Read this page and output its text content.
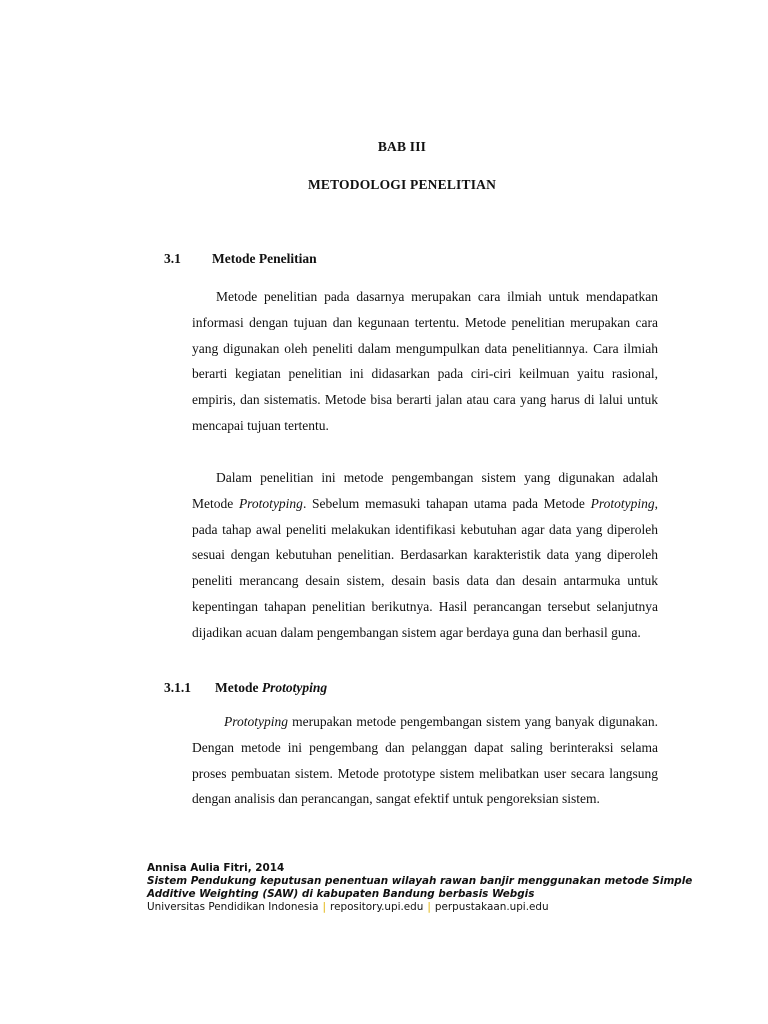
BAB III
METODOLOGI PENELITIAN
3.1 Metode Penelitian

Metode penelitian pada dasarnya merupakan cara ilmiah untuk mendapatkan informasi dengan tujuan dan kegunaan tertentu. Metode penelitian merupakan cara yang digunakan oleh peneliti dalam mengumpulkan data penelitiannya. Cara ilmiah berarti kegiatan penelitian ini didasarkan pada ciri-ciri keilmuan yaitu rasional, empiris, dan sistematis. Metode bisa berarti jalan atau cara yang harus di lalui untuk mencapai tujuan tertentu.

Dalam penelitian ini metode pengembangan sistem yang digunakan adalah Metode Prototyping. Sebelum memasuki tahapan utama pada Metode Prototyping, pada tahap awal peneliti melakukan identifikasi kebutuhan agar data yang diperoleh sesuai dengan kebutuhan penelitian. Berdasarkan karakteristik data yang diperoleh peneliti merancang desain sistem, desain basis data dan desain antarmuka untuk kepentingan tahapan penelitian berikutnya. Hasil perancangan tersebut selanjutnya dijadikan acuan dalam pengembangan sistem agar berdaya guna dan berhasil guna.

3.1.1 Metode Prototyping

Prototyping merupakan metode pengembangan sistem yang banyak digunakan. Dengan metode ini pengembang dan pelanggan dapat saling berinteraksi selama proses pembuatan sistem. Metode prototype sistem melibatkan user secara langsung dengan analisis dan perancangan, sangat efektif untuk pengoreksian sistem.

Annisa Aulia Fitri, 2014
Sistem Pendukung keputusan penentuan wilayah rawan banjir menggunakan metode Simple
Additive Weighting (SAW) di kabupaten Bandung berbasis Webgis
Universitas Pendidikan Indonesia | repository.upi.edu | perpustakaan.upi.edu
